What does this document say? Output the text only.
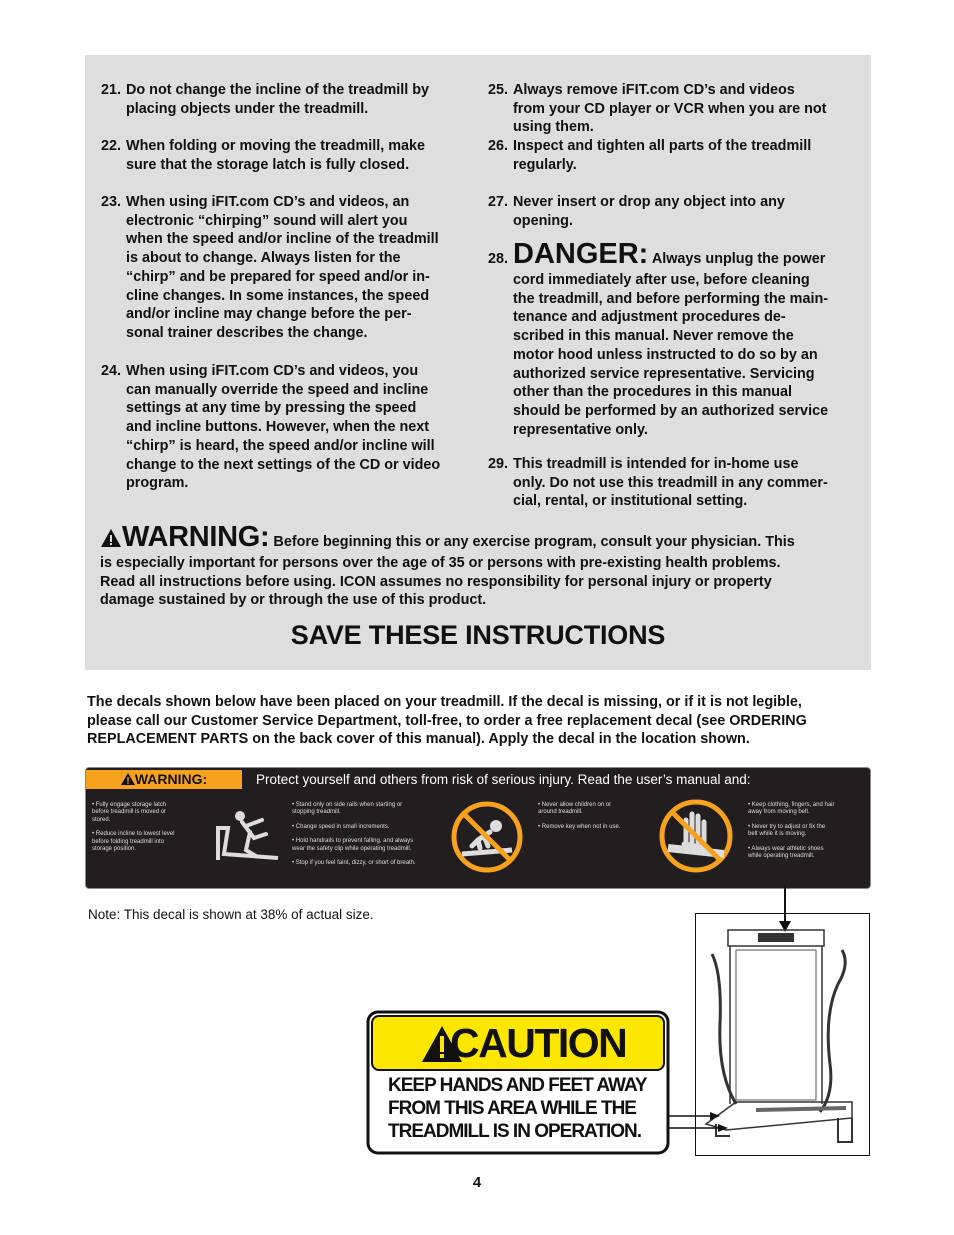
21. Do not change the incline of the treadmill by
placing objects under the treadmill.
22. When folding or moving the treadmill, make
sure that the storage latch is fully closed.
23. When using iFIT.com CD’s and videos, an
electronic “chirping” sound will alert you
when the speed and/or incline of the treadmill
is about to change. Always listen for the
“chirp” and be prepared for speed and/or in-
cline changes. In some instances, the speed
and/or incline may change before the per-
sonal trainer describes the change.
24. When using iFIT.com CD’s and videos, you
can manually override the speed and incline
settings at any time by pressing the speed
and incline buttons. However, when the next
“chirp” is heard, the speed and/or incline will
change to the next settings of the CD or video
program.
25. Always remove iFIT.com CD’s and videos
from your CD player or VCR when you are not
using them.
26. Inspect and tighten all parts of the treadmill
regularly.
27. Never insert or drop any object into any
opening.
28. DANGER: Always unplug the power
cord immediately after use, before cleaning
the treadmill, and before performing the main-
tenance and adjustment procedures de-
scribed in this manual. Never remove the
motor hood unless instructed to do so by an
authorized service representative. Servicing
other than the procedures in this manual
should be performed by an authorized service
representative only.
29. This treadmill is intended for in-home use
only. Do not use this treadmill in any commer-
cial, rental, or institutional setting.
WARNING: Before beginning this or any exercise program, consult your physician. This
is especially important for persons over the age of 35 or persons with pre-existing health problems.
Read all instructions before using. ICON assumes no responsibility for personal injury or property
damage sustained by or through the use of this product.
SAVE THESE INSTRUCTIONS
The decals shown below have been placed on your treadmill. If the decal is missing, or if it is not legible,
please call our Customer Service Department, toll-free, to order a free replacement decal (see ORDERING
REPLACEMENT PARTS on the back cover of this manual). Apply the decal in the location shown.
WARNING:	Protect yourself and others from risk of serious injury. Read the user’s manual and:
• Fully engage storage latch
before treadmill is moved or
stored.
• Reduce incline to lowest level
before folding treadmill into
storage position.
• Stand only on side rails when starting or
stopping treadmill.
• Change speed in small increments.
• Hold handrails to prevent falling, and always
wear the safety clip while operating treadmill.
• Stop if you feel faint, dizzy, or short of breath.
• Never allow children on or
around treadmill.
• Remove key when not in use.
• Keep clothing, fingers, and hair
away from moving belt.
• Never try to adjust or fix the
belt while it is moving.
• Always wear athletic shoes
while operating treadmill.
Note: This decal is shown at 38% of actual size.
CAUTION
KEEP HANDS AND FEET AWAY
FROM THIS AREA WHILE THE
TREADMILL IS IN OPERATION.
4
